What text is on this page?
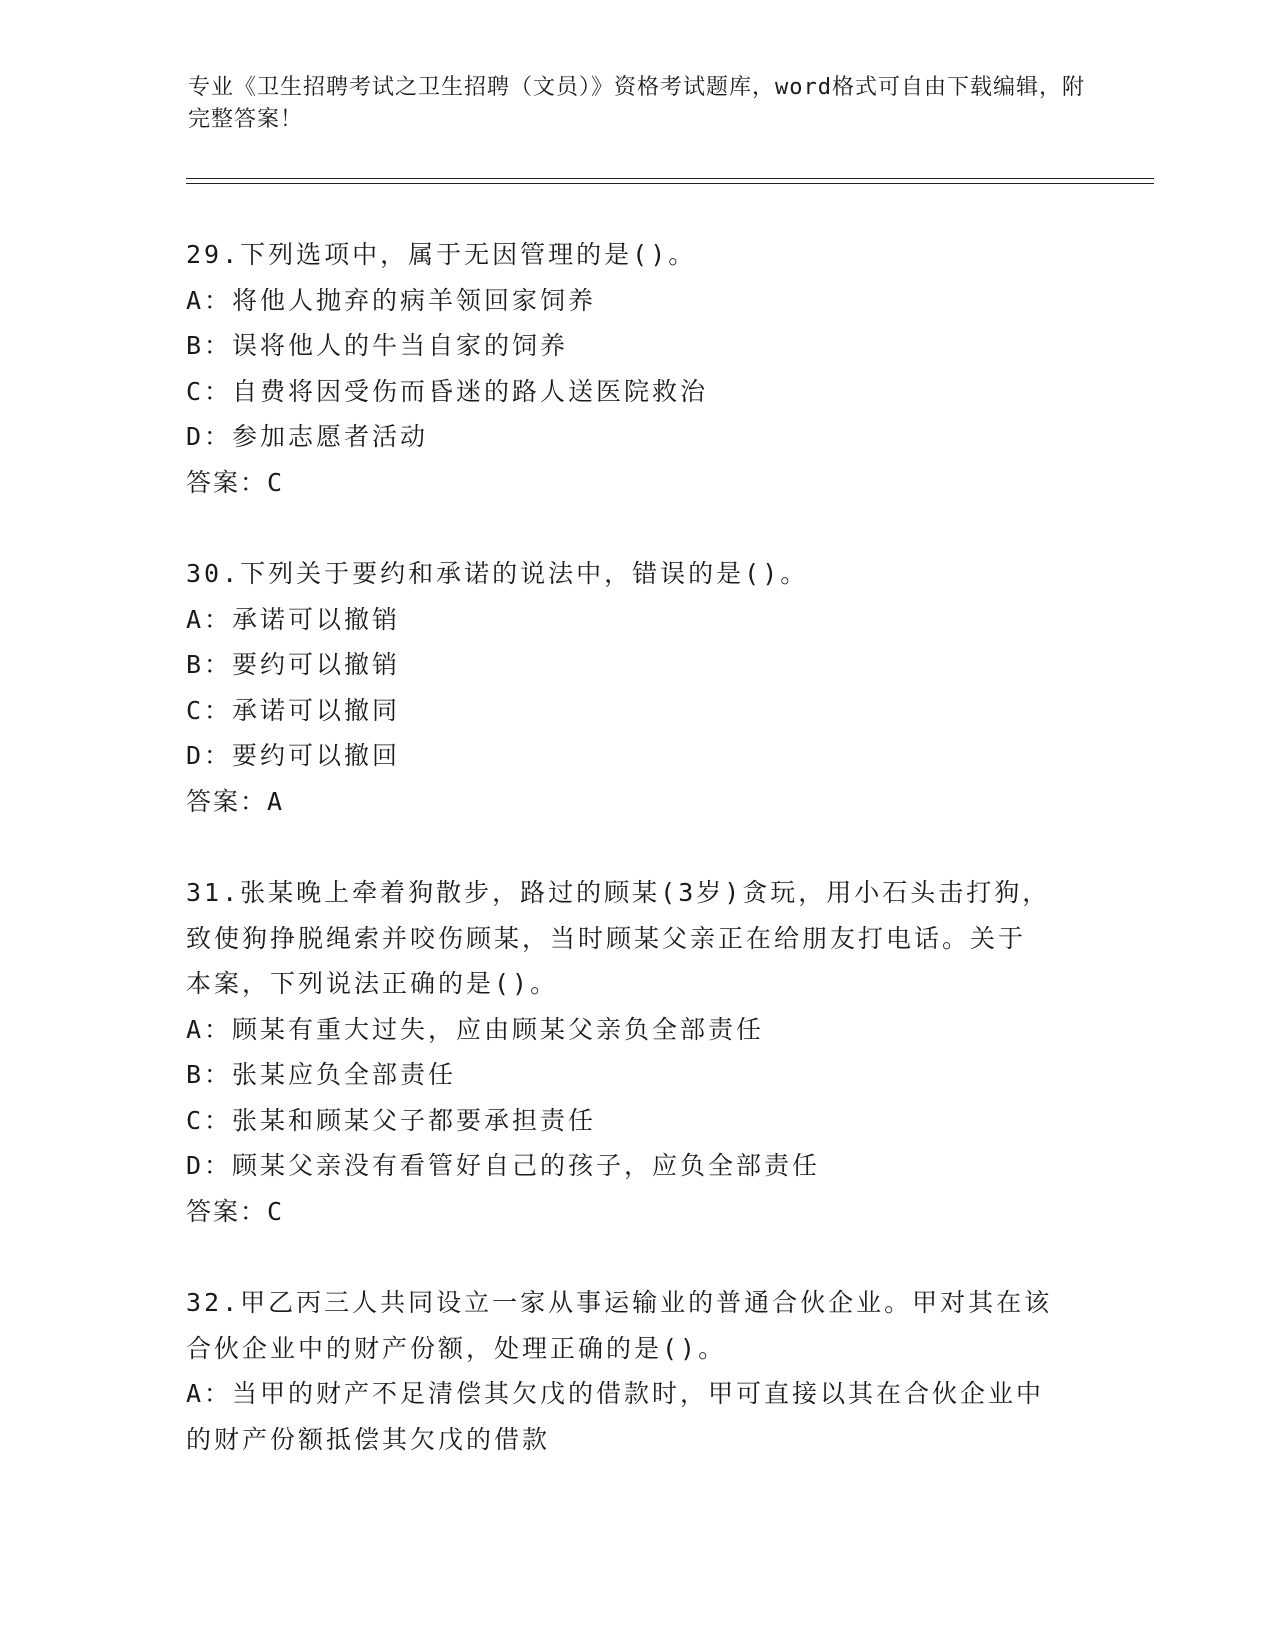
专业《卫生招聘考试之卫生招聘（文员）》资格考试题库，word格式可自由下载编辑，附完整答案！

29.下列选项中，属于无因管理的是()。

A：将他人抛弃的病羊领回家饲养

B：误将他人的牛当自家的饲养

C：自费将因受伤而昏迷的路人送医院救治

D：参加志愿者活动

答案：C

30.下列关于要约和承诺的说法中，错误的是()。

A：承诺可以撤销

B：要约可以撤销

C：承诺可以撤同

D：要约可以撤回

答案：A

31.张某晚上牵着狗散步，路过的顾某(3岁)贪玩，用小石头击打狗，

致使狗挣脱绳索并咬伤顾某，当时顾某父亲正在给朋友打电话。关于

本案，下列说法正确的是()。

A：顾某有重大过失，应由顾某父亲负全部责任

B：张某应负全部责任

C：张某和顾某父子都要承担责任

D：顾某父亲没有看管好自己的孩子，应负全部责任

答案：C

32.甲乙丙三人共同设立一家从事运输业的普通合伙企业。甲对其在该

合伙企业中的财产份额，处理正确的是()。

A：当甲的财产不足清偿其欠戊的借款时，甲可直接以其在合伙企业中

的财产份额抵偿其欠戊的借款
